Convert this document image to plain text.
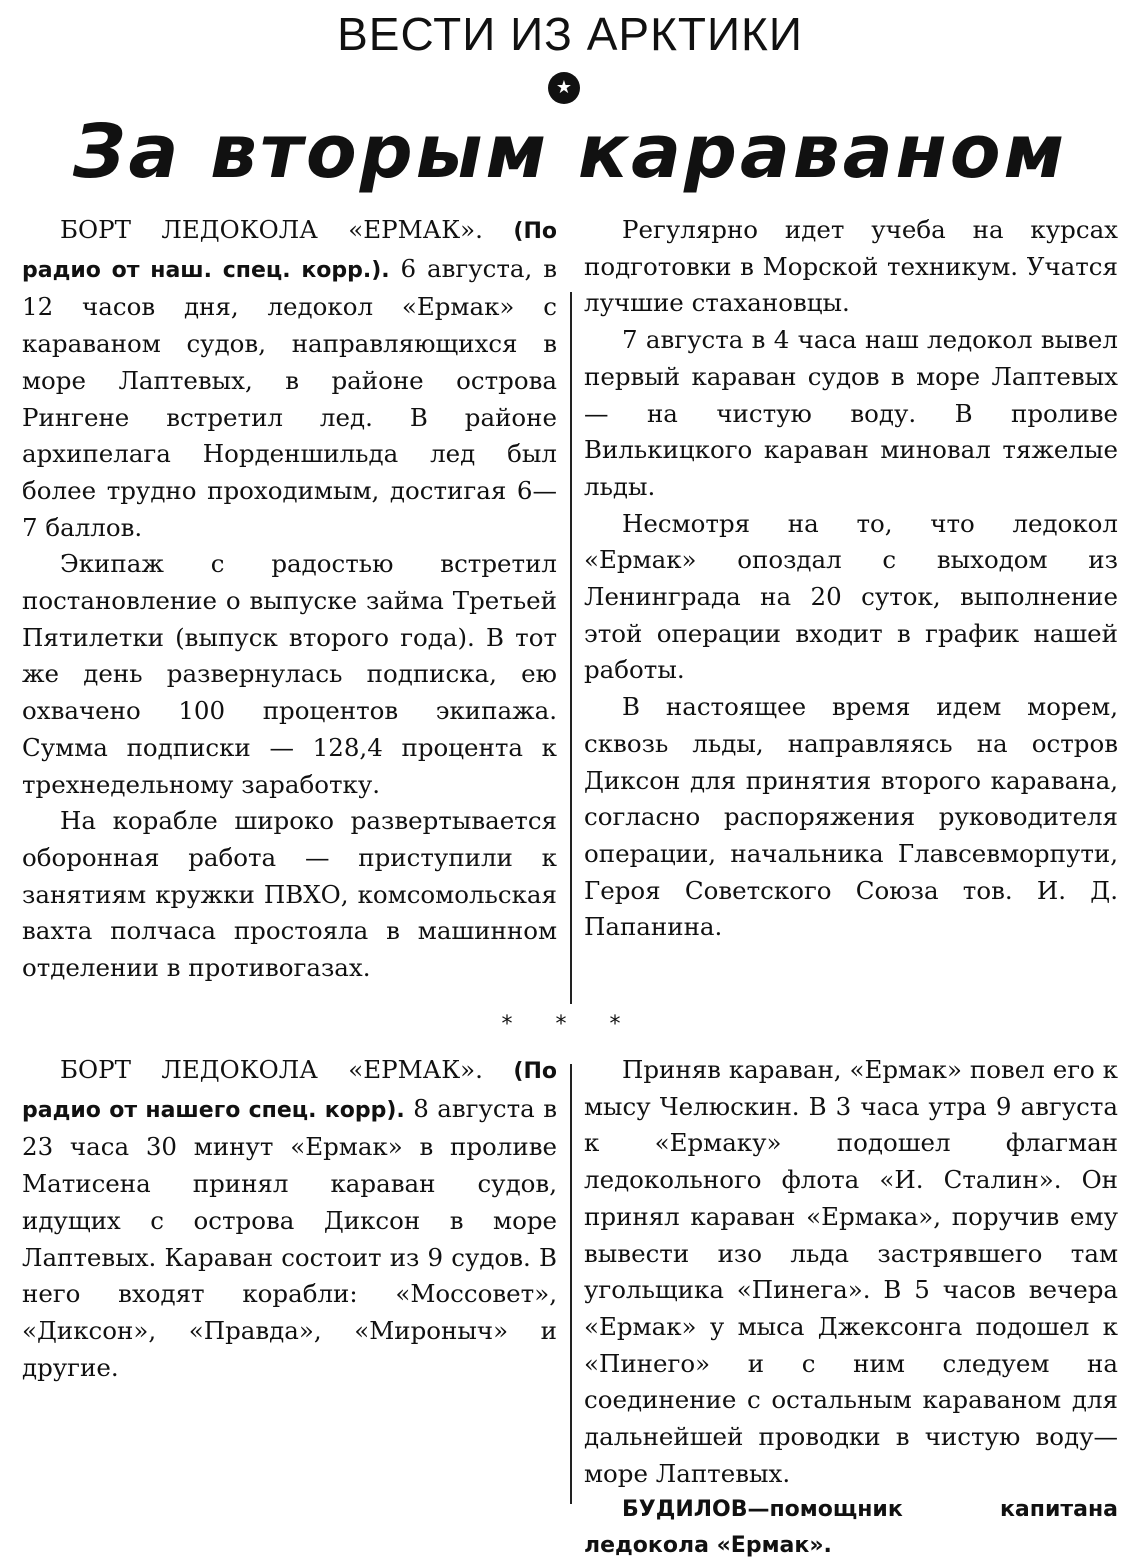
ВЕСТИ ИЗ АРКТИКИ
★
За вторым караваном

БОРТ ЛЕДОКОЛА «ЕРМАК». (По радио от наш. спец. корр.). 6 августа, в 12 часов дня, ледокол «Ермак» с караваном судов, направляющихся в море Лаптевых, в районе острова Рингене встретил лед. В районе архипелага Норденшильда лед был более трудно проходимым, достигая 6—7 баллов.

Экипаж с радостью встретил постановление о выпуске займа Третьей Пятилетки (выпуск второго года). В тот же день развернулась подписка, ею охвачено 100 процентов экипажа. Сумма подписки — 128,4 процента к трехнедельному заработку.

На корабле широко развертывается оборонная работа — приступили к занятиям кружки ПВХО, комсомольская вахта полчаса простояла в машинном отделении в противогазах.

Регулярно идет учеба на курсах подготовки в Морской техникум. Учатся лучшие стахановцы.

7 августа в 4 часа наш ледокол вывел первый караван судов в море Лаптевых — на чистую воду. В проливе Вилькицкого караван миновал тяжелые льды.

Несмотря на то, что ледокол «Ермак» опоздал с выходом из Ленинграда на 20 суток, выполнение этой операции входит в график нашей работы.

В настоящее время идем морем, сквозь льды, направляясь на остров Диксон для принятия второго каравана, согласно распоряжения руководителя операции, начальника Главсевморпути, Героя Советского Союза тов. И. Д. Папанина.

* * *

БОРТ ЛЕДОКОЛА «ЕРМАК». (По радио от нашего спец. корр). 8 августа в 23 часа 30 минут «Ермак» в проливе Матисена принял караван судов, идущих с острова Диксон в море Лаптевых. Караван состоит из 9 судов. В него входят корабли: «Моссовет», «Диксон», «Правда», «Мироныч» и другие.

Приняв караван, «Ермак» повел его к мысу Челюскин. В 3 часа утра 9 августа к «Ермаку» подошел флагман ледокольного флота «И. Сталин». Он принял караван «Ермака», поручив ему вывести изо льда застрявшего там угольщика «Пинега». В 5 часов вечера «Ермак» у мыса Джексонга подошел к «Пинего» и с ним следуем на соединение с остальным караваном для дальнейшей проводки в чистую воду—море Лаптевых.

БУДИЛОВ—помощник капитана ледокола «Ермак».
